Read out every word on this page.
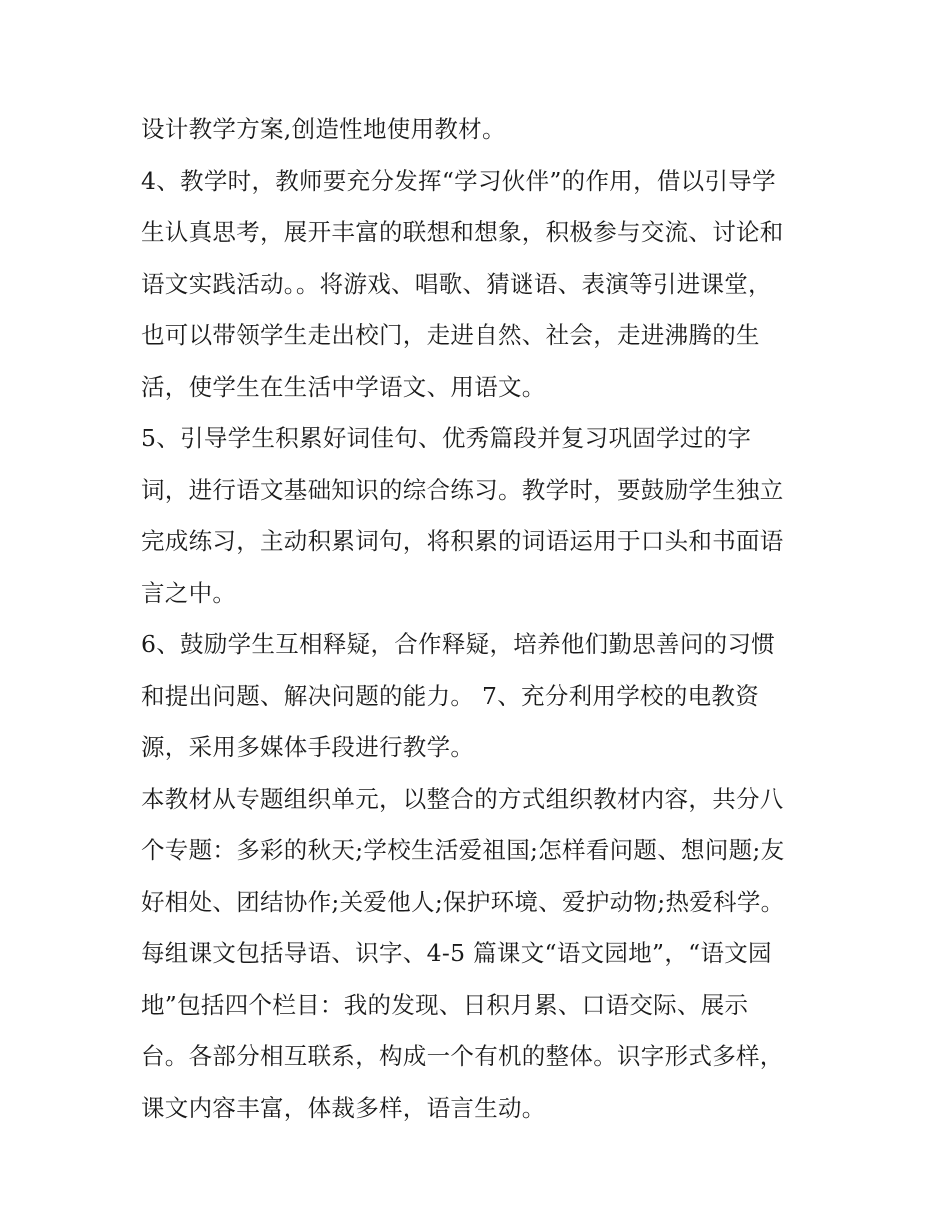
设计教学方案,创造性地使用教材。
4、教学时，教师要充分发挥“学习伙伴”的作用，借以引导学
生认真思考，展开丰富的联想和想象，积极参与交流、讨论和
语文实践活动。。将游戏、唱歌、猜谜语、表演等引进课堂，
也可以带领学生走出校门，走进自然、社会，走进沸腾的生
活，使学生在生活中学语文、用语文。
5、引导学生积累好词佳句、优秀篇段并复习巩固学过的字
词，进行语文基础知识的综合练习。教学时，要鼓励学生独立
完成练习，主动积累词句，将积累的词语运用于口头和书面语
言之中。
6、鼓励学生互相释疑，合作释疑，培养他们勤思善问的习惯
和提出问题、解决问题的能力。 7、充分利用学校的电教资
源，采用多媒体手段进行教学。
本教材从专题组织单元，以整合的方式组织教材内容，共分八
个专题：多彩的秋天;学校生活爱祖国;怎样看问题、想问题;友
好相处、团结协作;关爱他人;保护环境、爱护动物;热爱科学。
每组课文包括导语、识字、4-5 篇课文“语文园地”，“语文园
地”包括四个栏目：我的发现、日积月累、口语交际、展示
台。各部分相互联系，构成一个有机的整体。识字形式多样，
课文内容丰富，体裁多样，语言生动。
